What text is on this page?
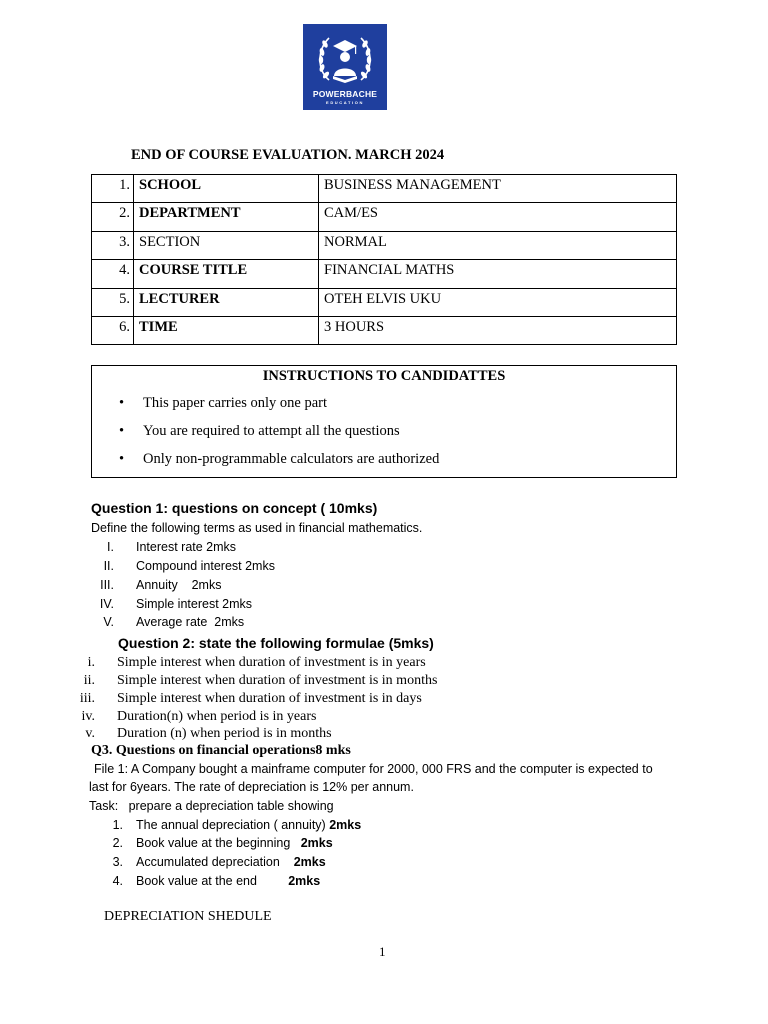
POWERBACHE
EDUCATION
END OF COURSE EVALUATION. MARCH 2024
1.	SCHOOL	BUSINESS MANAGEMENT
2.	DEPARTMENT	CAM/ES
3.	SECTION	NORMAL
4.	COURSE TITLE	FINANCIAL MATHS
5.	LECTURER	OTEH ELVIS UKU
6.	TIME	3 HOURS
INSTRUCTIONS TO CANDIDATTES
• This paper carries only one part
• You are required to attempt all the questions
• Only non-programmable calculators are authorized
Question 1: questions on concept ( 10mks)
Define the following terms as used in financial mathematics.
I. Interest rate 2mks
II. Compound interest 2mks
III. Annuity    2mks
IV. Simple interest 2mks
V. Average rate  2mks
Question 2: state the following formulae (5mks)
i. Simple interest when duration of investment is in years
ii. Simple interest when duration of investment is in months
iii. Simple interest when duration of investment is in days
iv. Duration(n) when period is in years
v. Duration (n) when period is in months
Q3. Questions on financial operations8 mks
File 1: A Company bought a mainframe computer for 2000, 000 FRS and the computer is expected to
last for 6years. The rate of depreciation is 12% per annum.
Task:   prepare a depreciation table showing
1. The annual depreciation ( annuity) 2mks
2. Book value at the beginning   2mks
3. Accumulated depreciation    2mks
4. Book value at the end         2mks
DEPRECIATION SHEDULE
1
